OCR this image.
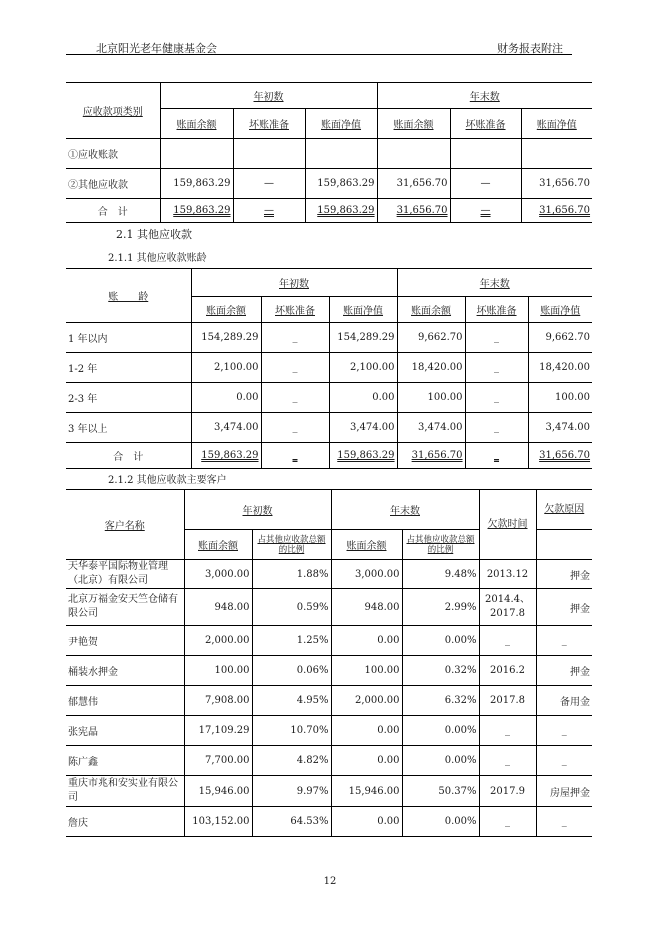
北京阳光老年健康基金会	财务报表附注
应收款项类别	年初数			年末数		
	账面余额	坏账准备	账面净值	账面余额	坏账准备	账面净值
①应收账款						
②其他应收款	159,863.29	—	159,863.29	31,656.70	—	31,656.70
合　计	159,863.29	—	159,863.29	31,656.70	—	31,656.70
2.1 其他应收款
2.1.1 其他应收款账龄
账　　龄	年初数			年末数		
	账面余额	坏账准备	账面净值	账面余额	坏账准备	账面净值
1 年以内	154,289.29	_	154,289.29	9,662.70	_	9,662.70
1-2 年	2,100.00	_	2,100.00	18,420.00	_	18,420.00
2-3 年	0.00	_	0.00	100.00	_	100.00
3 年以上	3,474.00	_	3,474.00	3,474.00	_	3,474.00
合　计	159,863.29	_	159,863.29	31,656.70	_	31,656.70
2.1.2 其他应收款主要客户
客户名称	年初数		年末数		欠款时间	欠款原因
	账面余额	占其他应收款总额的比例	账面余额	占其他应收款总额的比例		
天华泰平国际物业管理（北京）有限公司	3,000.00	1.88%	3,000.00	9.48%	2013.12	押金
北京万福金安天竺仓储有限公司	948.00	0.59%	948.00	2.99%	2014.4、2017.8	押金
尹艳贺	2,000.00	1.25%	0.00	0.00%	_	_
桶装水押金	100.00	0.06%	100.00	0.32%	2016.2	押金
郁慧伟	7,908.00	4.95%	2,000.00	6.32%	2017.8	备用金
张宪晶	17,109.29	10.70%	0.00	0.00%	_	_
陈广鑫	7,700.00	4.82%	0.00	0.00%	_	_
重庆市兆和安实业有限公司	15,946.00	9.97%	15,946.00	50.37%	2017.9	房屋押金
詹庆	103,152.00	64.53%	0.00	0.00%	_	_
12
